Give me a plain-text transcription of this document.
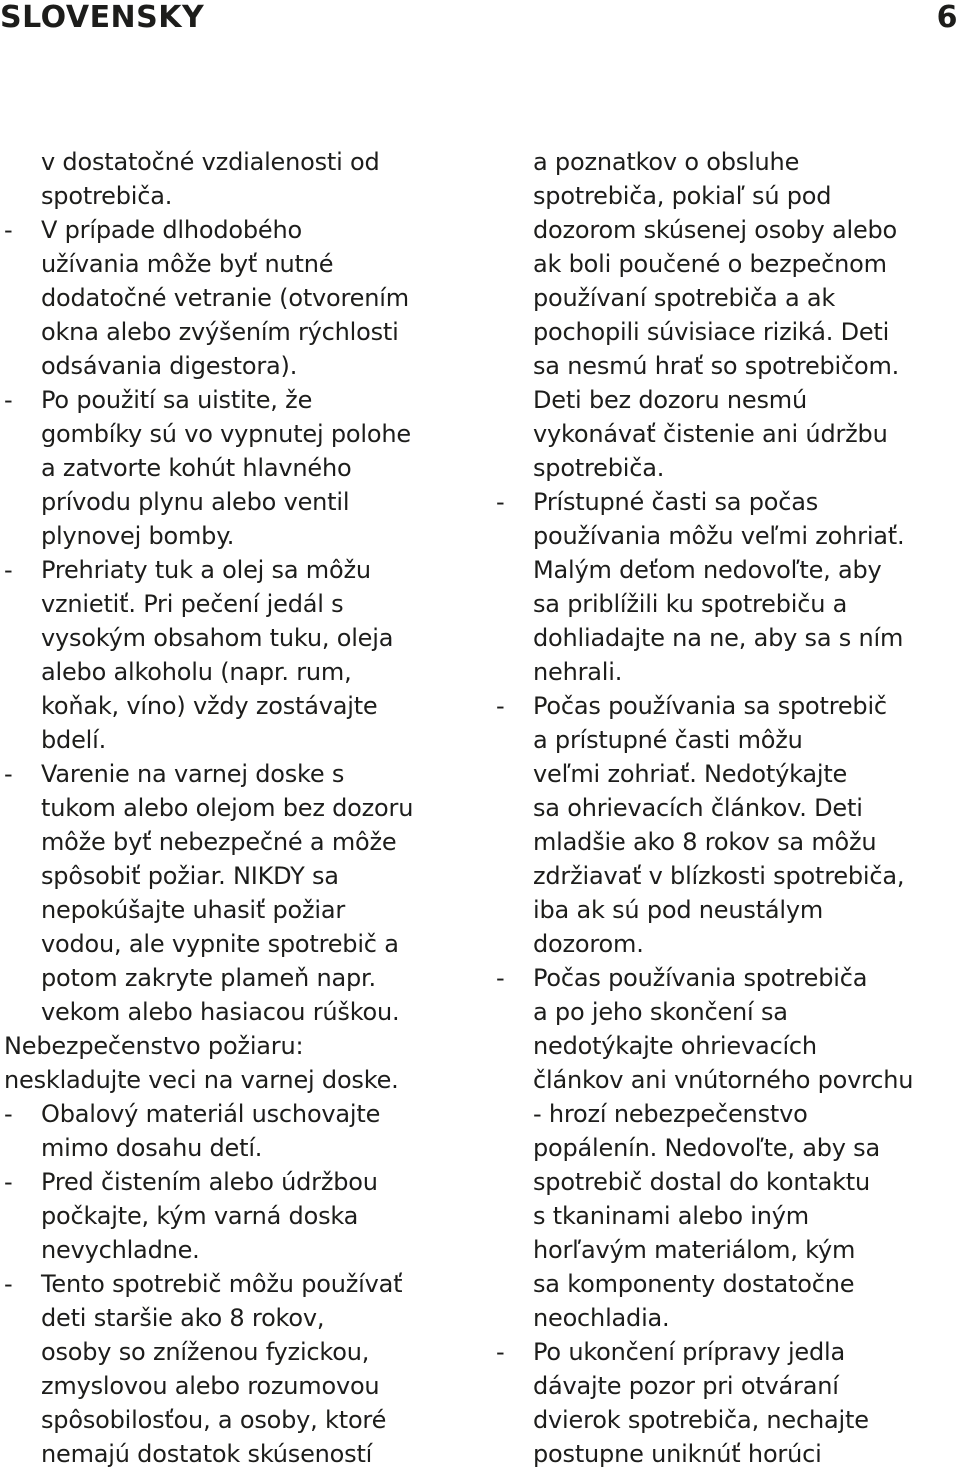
SLOVENSKY	6
v dostatočné vzdialenosti od
spotrebiča.
- V prípade dlhodobého
užívania môže byť nutné
dodatočné vetranie (otvorením
okna alebo zvýšením rýchlosti
odsávania digestora).
- Po použití sa uistite, že
gombíky sú vo vypnutej polohe
a zatvorte kohút hlavného
prívodu plynu alebo ventil
plynovej bomby.
- Prehriaty tuk a olej sa môžu
vznietiť. Pri pečení jedál s
vysokým obsahom tuku, oleja
alebo alkoholu (napr. rum,
koňak, víno) vždy zostávajte
bdelí.
- Varenie na varnej doske s
tukom alebo olejom bez dozoru
môže byť nebezpečné a môže
spôsobiť požiar. NIKDY sa
nepokúšajte uhasiť požiar
vodou, ale vypnite spotrebič a
potom zakryte plameň napr.
vekom alebo hasiacou rúškou.
Nebezpečenstvo požiaru:
neskladujte veci na varnej doske.
- Obalový materiál uschovajte
mimo dosahu detí.
- Pred čistením alebo údržbou
počkajte, kým varná doska
nevychladne.
- Tento spotrebič môžu používať
deti staršie ako 8 rokov,
osoby so zníženou fyzickou,
zmyslovou alebo rozumovou
spôsobilosťou, a osoby, ktoré
nemajú dostatok skúseností
a poznatkov o obsluhe
spotrebiča, pokiaľ sú pod
dozorom skúsenej osoby alebo
ak boli poučené o bezpečnom
používaní spotrebiča a ak
pochopili súvisiace riziká. Deti
sa nesmú hrať so spotrebičom.
Deti bez dozoru nesmú
vykonávať čistenie ani údržbu
spotrebiča.
- Prístupné časti sa počas
používania môžu veľmi zohriať.
Malým deťom nedovoľte, aby
sa priblížili ku spotrebiču a
dohliadajte na ne, aby sa s ním
nehrali.
- Počas používania sa spotrebič
a prístupné časti môžu
veľmi zohriať. Nedotýkajte
sa ohrievacích článkov. Deti
mladšie ako 8 rokov sa môžu
zdržiavať v blízkosti spotrebiča,
iba ak sú pod neustálym
dozorom.
- Počas používania spotrebiča
a po jeho skončení sa
nedotýkajte ohrievacích
článkov ani vnútorného povrchu
- hrozí nebezpečenstvo
popálenín. Nedovoľte, aby sa
spotrebič dostal do kontaktu
s tkaninami alebo iným
horľavým materiálom, kým
sa komponenty dostatočne
neochladia.
- Po ukončení prípravy jedla
dávajte pozor pri otváraní
dvierok spotrebiča, nechajte
postupne uniknúť horúci
